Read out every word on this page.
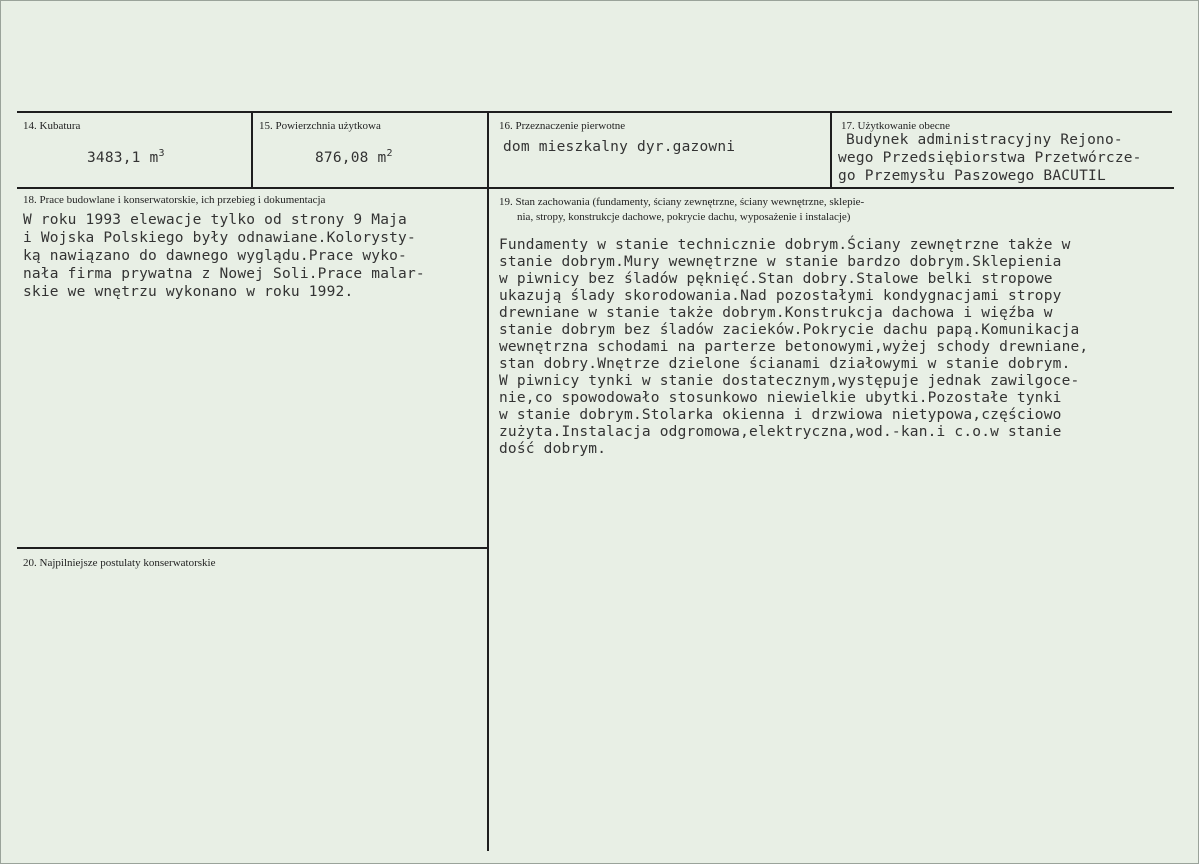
14. Kubatura
3483,1 $m^3$
15. Powierzchnia użytkowa
876,08 $m^2$
16. Przeznaczenie pierwotne
dom mieszkalny dyr.gazowni
17. Użytkowanie obecne
Budynek administracyjny Rejono-
wego Przedsiębiorstwa Przetwórcze-
go Przemysłu Paszowego BACUTIL
18. Prace budowlane i konserwatorskie, ich przebieg i dokumentacja
W roku 1993 elewacje tylko od strony 9 Maja
i Wojska Polskiego były odnawiane.Kolorysty-
ką nawiązano do dawnego wyglądu.Prace wyko-
nała firma prywatna z Nowej Soli.Prace malar-
skie we wnętrzu wykonano w roku 1992.
19. Stan zachowania (fundamenty, ściany zewnętrzne, ściany wewnętrzne, sklepie-
nia, stropy, konstrukcje dachowe, pokrycie dachu, wyposażenie i instalacje)
Fundamenty w stanie technicznie dobrym.Ściany zewnętrzne także w
stanie dobrym.Mury wewnętrzne w stanie bardzo dobrym.Sklepienia
w piwnicy bez śladów pęknięć.Stan dobry.Stalowe belki stropowe
ukazują ślady skorodowania.Nad pozostałymi kondygnacjami stropy
drewniane w stanie także dobrym.Konstrukcja dachowa i więźba w
stanie dobrym bez śladów zacieków.Pokrycie dachu papą.Komunikacja
wewnętrzna schodami na parterze betonowymi,wyżej schody drewniane,
stan dobry.Wnętrze dzielone ścianami działowymi w stanie dobrym.
W piwnicy tynki w stanie dostatecznym,występuje jednak zawilgoce-
nie,co spowodowało stosunkowo niewielkie ubytki.Pozostałe tynki
w stanie dobrym.Stolarka okienna i drzwiowa nietypowa,częściowo
zużyta.Instalacja odgromowa,elektryczna,wod.-kan.i c.o.w stanie
dość dobrym.
20. Najpilniejsze postulaty konserwatorskie
